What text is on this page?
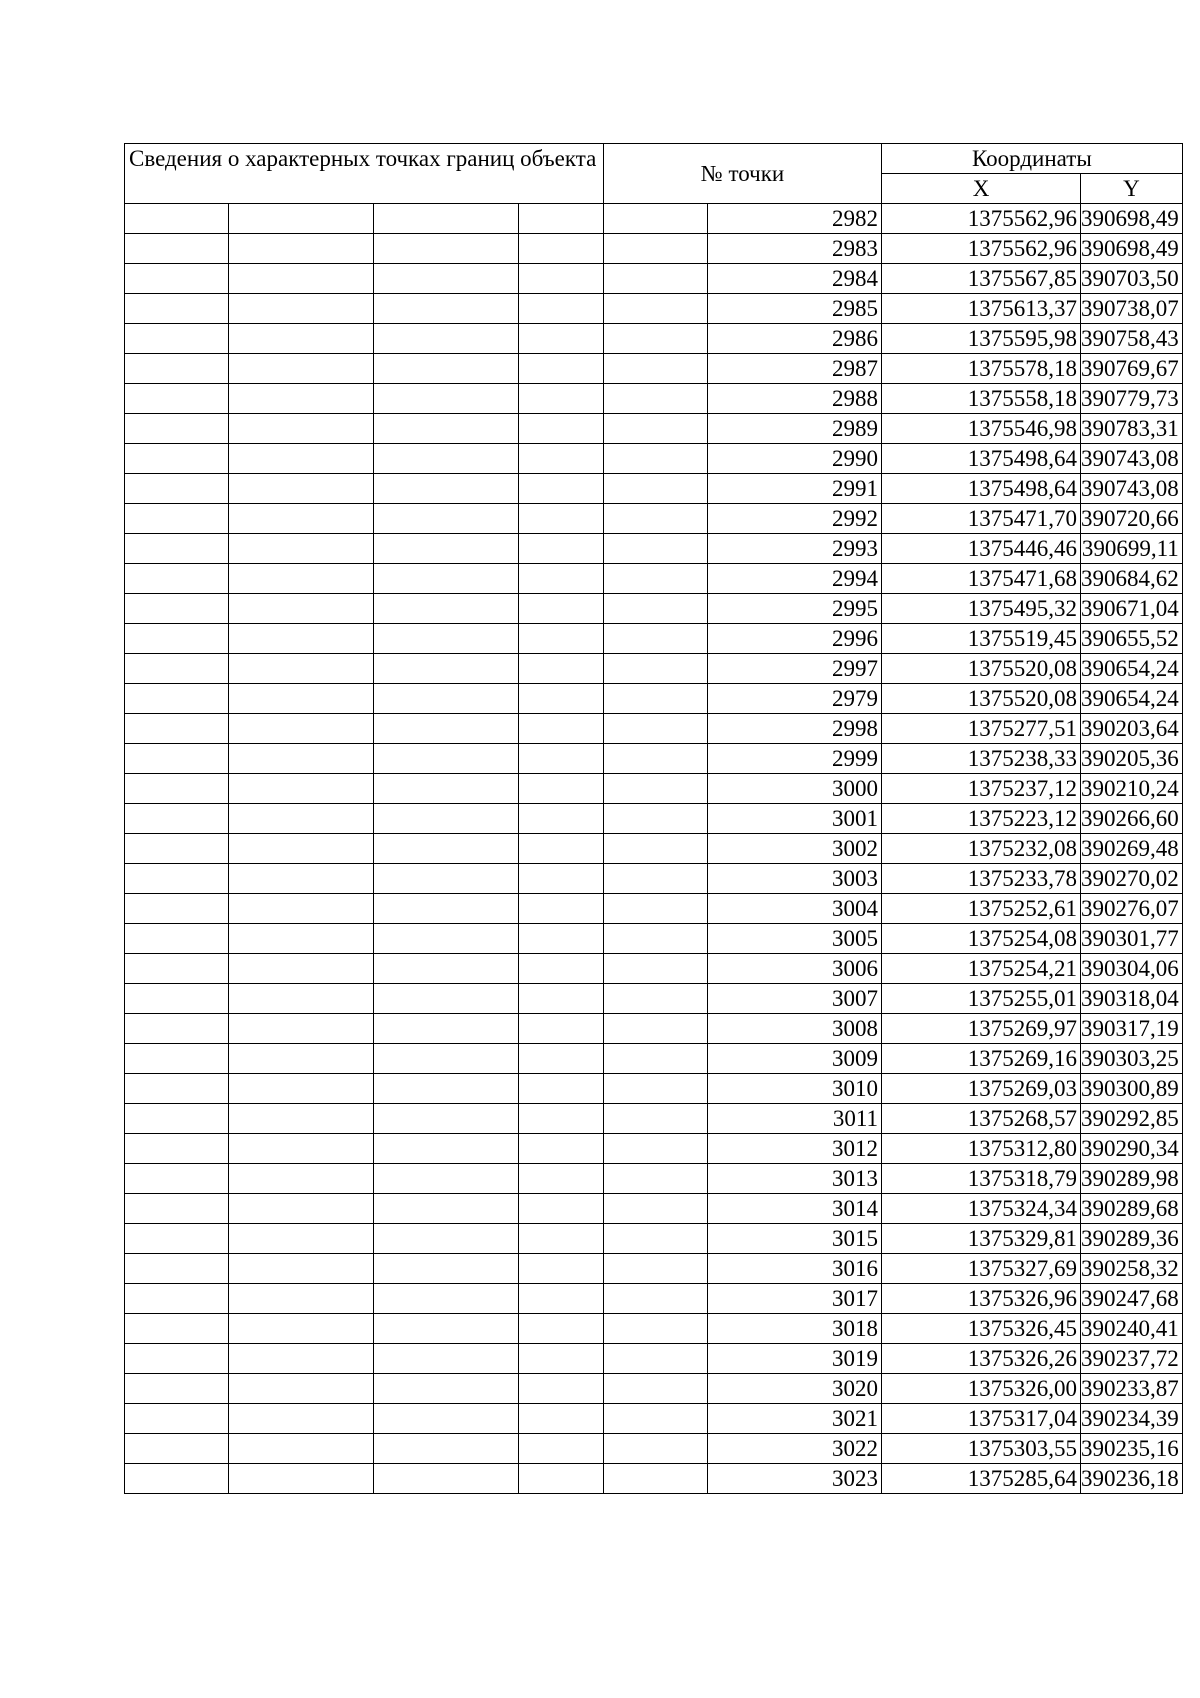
Сведения о характерных точках границ объекта				№ точки		Координаты	
						X	Y
					2982	1375562,96	390698,49
					2983	1375562,96	390698,49
					2984	1375567,85	390703,50
					2985	1375613,37	390738,07
					2986	1375595,98	390758,43
					2987	1375578,18	390769,67
					2988	1375558,18	390779,73
					2989	1375546,98	390783,31
					2990	1375498,64	390743,08
					2991	1375498,64	390743,08
					2992	1375471,70	390720,66
					2993	1375446,46	390699,11
					2994	1375471,68	390684,62
					2995	1375495,32	390671,04
					2996	1375519,45	390655,52
					2997	1375520,08	390654,24
					2979	1375520,08	390654,24
					2998	1375277,51	390203,64
					2999	1375238,33	390205,36
					3000	1375237,12	390210,24
					3001	1375223,12	390266,60
					3002	1375232,08	390269,48
					3003	1375233,78	390270,02
					3004	1375252,61	390276,07
					3005	1375254,08	390301,77
					3006	1375254,21	390304,06
					3007	1375255,01	390318,04
					3008	1375269,97	390317,19
					3009	1375269,16	390303,25
					3010	1375269,03	390300,89
					3011	1375268,57	390292,85
					3012	1375312,80	390290,34
					3013	1375318,79	390289,98
					3014	1375324,34	390289,68
					3015	1375329,81	390289,36
					3016	1375327,69	390258,32
					3017	1375326,96	390247,68
					3018	1375326,45	390240,41
					3019	1375326,26	390237,72
					3020	1375326,00	390233,87
					3021	1375317,04	390234,39
					3022	1375303,55	390235,16
					3023	1375285,64	390236,18
